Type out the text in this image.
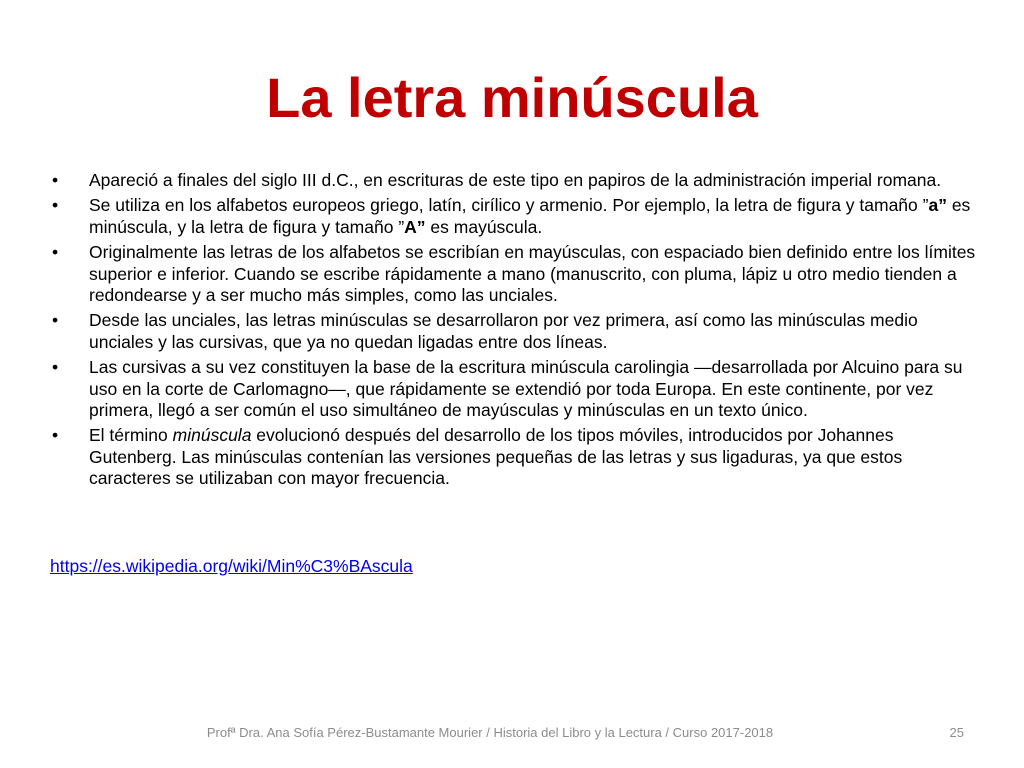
La letra minúscula
• Apareció a finales del siglo III d.C., en escrituras de este tipo en papiros de la administración imperial romana.
• Se utiliza en los alfabetos europeos griego, latín, cirílico y armenio. Por ejemplo, la letra de figura y tamaño ”a” es minúscula, y la letra de figura y tamaño ”A” es mayúscula.
• Originalmente las letras de los alfabetos se escribían en mayúsculas, con espaciado bien definido entre los límites superior e inferior. Cuando se escribe rápidamente a mano (manuscrito, con pluma, lápiz u otro medio tienden a redondearse y a ser mucho más simples, como las unciales.
• Desde las unciales, las letras minúsculas se desarrollaron por vez primera, así como las minúsculas medio unciales y las cursivas, que ya no quedan ligadas entre dos líneas.
• Las cursivas a su vez constituyen la base de la escritura minúscula carolingia —desarrollada por Alcuino para su uso en la corte de Carlomagno—, que rápidamente se extendió por toda Europa. En este continente, por vez primera, llegó a ser común el uso simultáneo de mayúsculas y minúsculas en un texto único.
• El término minúscula evolucionó después del desarrollo de los tipos móviles, introducidos por Johannes Gutenberg. Las minúsculas contenían las versiones pequeñas de las letras y sus ligaduras, ya que estos caracteres se utilizaban con mayor frecuencia.
https://es.wikipedia.org/wiki/Min%C3%BAscula
Profª Dra. Ana Sofía Pérez-Bustamante Mourier / Historia del Libro y la Lectura / Curso 2017-2018	25
